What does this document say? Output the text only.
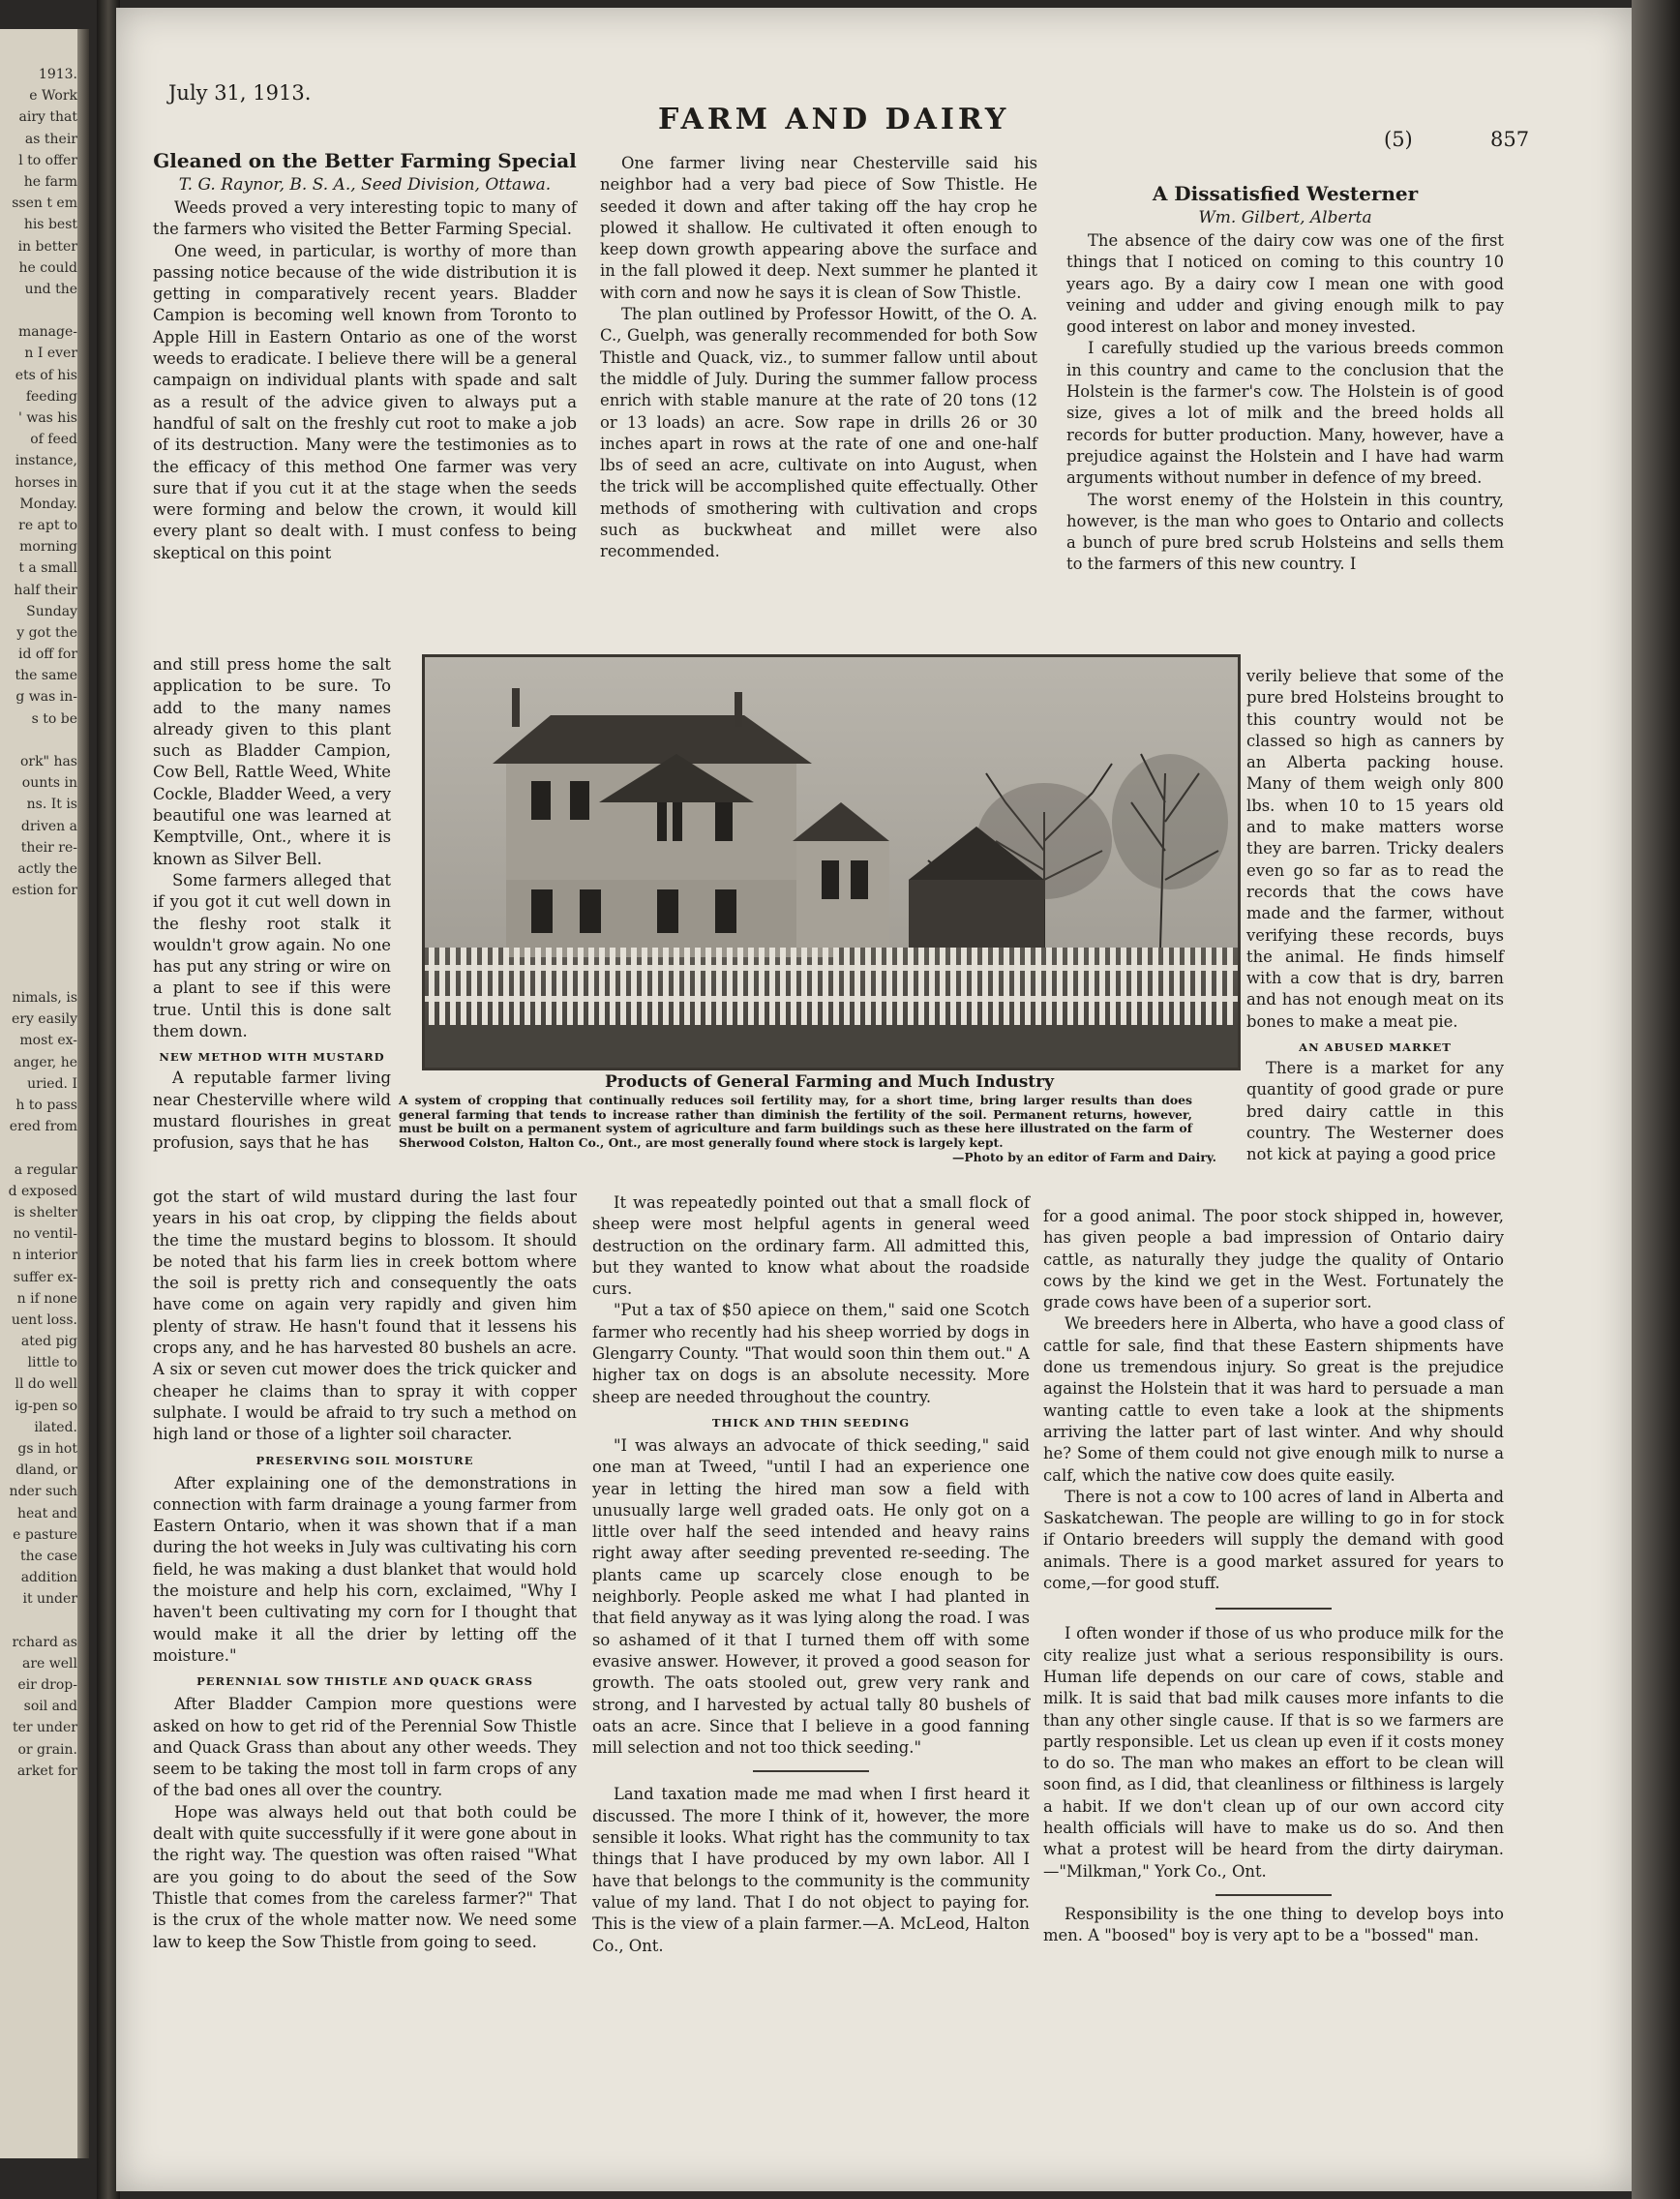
1913.
e Work
airy that
as their
l to offer
he farm
ssen t em
his best
in better
he could
und the
manage-
n I ever
ets of his
feeding
' was his
of feed
instance,
horses in
Monday.
re apt to
morning
t a small
half their
Sunday
y got the
id off for
the same
g was in-
s to be
ork" has
ounts in
ns. It is
driven a
their re-
actly the
estion for
nimals, is
ery easily
most ex-
anger, he
uried. I
h to pass
ered from
a regular
d exposed
is shelter
no ventil-
n interior
suffer ex-
n if none
uent loss.
ated pig
little to
ll do well
ig-pen so
ilated.
gs in hot
dland, or
nder such
heat and
e pasture
the case
addition
it under
rchard as
are well
eir drop-
soil and
ter under
or grain.
arket for
July 31, 1913.
FARM AND DAIRY
(5)	857
Gleaned on the Better Farming Special
T. G. Raynor, B. S. A., Seed Division, Ottawa.

Weeds proved a very interesting topic to many of the farmers who visited the Better Farming Special.

One weed, in particular, is worthy of more than passing notice because of the wide distribution it is getting in comparatively recent years. Bladder Campion is becoming well known from Toronto to Apple Hill in Eastern Ontario as one of the worst weeds to eradicate. I believe there will be a general campaign on individual plants with spade and salt as a result of the advice given to always put a handful of salt on the freshly cut root to make a job of its destruction. Many were the testimonies as to the efficacy of this method One farmer was very sure that if you cut it at the stage when the seeds were forming and below the crown, it would kill every plant so dealt with. I must confess to being skeptical on this point

and still press home the salt application to be sure. To add to the many names already given to this plant such as Bladder Campion, Cow Bell, Rattle Weed, White Cockle, Bladder Weed, a very beautiful one was learned at Kemptville, Ont., where it is known as Silver Bell.

Some farmers alleged that if you got it cut well down in the fleshy root stalk it wouldn't grow again. No one has put any string or wire on a plant to see if this were true. Until this is done salt them down.

NEW METHOD WITH MUSTARD

A reputable farmer living near Chesterville where wild mustard flourishes in great profusion, says that he has

got the start of wild mustard during the last four years in his oat crop, by clipping the fields about the time the mustard begins to blossom. It should be noted that his farm lies in creek bottom where the soil is pretty rich and consequently the oats have come on again very rapidly and given him plenty of straw. He hasn't found that it lessens his crops any, and he has harvested 80 bushels an acre. A six or seven cut mower does the trick quicker and cheaper he claims than to spray it with copper sulphate. I would be afraid to try such a method on high land or those of a lighter soil character.

PRESERVING SOIL MOISTURE

After explaining one of the demonstrations in connection with farm drainage a young farmer from Eastern Ontario, when it was shown that if a man during the hot weeks in July was cultivating his corn field, he was making a dust blanket that would hold the moisture and help his corn, exclaimed, "Why I haven't been cultivating my corn for I thought that would make it all the drier by letting off the moisture."

PERENNIAL SOW THISTLE AND QUACK GRASS

After Bladder Campion more questions were asked on how to get rid of the Perennial Sow Thistle and Quack Grass than about any other weeds. They seem to be taking the most toll in farm crops of any of the bad ones all over the country.

Hope was always held out that both could be dealt with quite successfully if it were gone about in the right way. The question was often raised "What are you going to do about the seed of the Sow Thistle that comes from the careless farmer?" That is the crux of the whole matter now. We need some law to keep the Sow Thistle from going to seed.

One farmer living near Chesterville said his neighbor had a very bad piece of Sow Thistle. He seeded it down and after taking off the hay crop he plowed it shallow. He cultivated it often enough to keep down growth appearing above the surface and in the fall plowed it deep. Next summer he planted it with corn and now he says it is clean of Sow Thistle.

The plan outlined by Professor Howitt, of the O. A. C., Guelph, was generally recommended for both Sow Thistle and Quack, viz., to summer fallow until about the middle of July. During the summer fallow process enrich with stable manure at the rate of 20 tons (12 or 13 loads) an acre. Sow rape in drills 26 or 30 inches apart in rows at the rate of one and one-half lbs of seed an acre, cultivate on into August, when the trick will be accomplished quite effectually. Other methods of smothering with cultivation and crops such as buckwheat and millet were also recommended.

Products of General Farming and Much Industry
A system of cropping that continually reduces soil fertility may, for a short time, bring larger results than does general farming that tends to increase rather than diminish the fertility of the soil. Permanent returns, however, must be built on a permanent system of agriculture and farm buildings such as these here illustrated on the farm of Sherwood Colston, Halton Co., Ont., are most generally found where stock is largely kept.
—Photo by an editor of Farm and Dairy.

It was repeatedly pointed out that a small flock of sheep were most helpful agents in general weed destruction on the ordinary farm. All admitted this, but they wanted to know what about the roadside curs.

"Put a tax of $50 apiece on them," said one Scotch farmer who recently had his sheep worried by dogs in Glengarry County. "That would soon thin them out." A higher tax on dogs is an absolute necessity. More sheep are needed throughout the country.

THICK AND THIN SEEDING

"I was always an advocate of thick seeding," said one man at Tweed, "until I had an experience one year in letting the hired man sow a field with unusually large well graded oats. He only got on a little over half the seed intended and heavy rains right away after seeding prevented re-seeding. The plants came up scarcely close enough to be neighborly. People asked me what I had planted in that field anyway as it was lying along the road. I was so ashamed of it that I turned them off with some evasive answer. However, it proved a good season for growth. The oats stooled out, grew very rank and strong, and I harvested by actual tally 80 bushels of oats an acre. Since that I believe in a good fanning mill selection and not too thick seeding."

Land taxation made me mad when I first heard it discussed. The more I think of it, however, the more sensible it looks. What right has the community to tax things that I have produced by my own labor. All I have that belongs to the community is the community value of my land. That I do not object to paying for. This is the view of a plain farmer.—A. McLeod, Halton Co., Ont.

A Dissatisfied Westerner
Wm. Gilbert, Alberta

The absence of the dairy cow was one of the first things that I noticed on coming to this country 10 years ago. By a dairy cow I mean one with good veining and udder and giving enough milk to pay good interest on labor and money invested.

I carefully studied up the various breeds common in this country and came to the conclusion that the Holstein is the farmer's cow. The Holstein is of good size, gives a lot of milk and the breed holds all records for butter production. Many, however, have a prejudice against the Holstein and I have had warm arguments without number in defence of my breed.

The worst enemy of the Holstein in this country, however, is the man who goes to Ontario and collects a bunch of pure bred scrub Holsteins and sells them to the farmers of this new country. I

verily believe that some of the pure bred Holsteins brought to this country would not be classed so high as canners by an Alberta packing house. Many of them weigh only 800 lbs. when 10 to 15 years old and to make matters worse they are barren. Tricky dealers even go so far as to read the records that the cows have made and the farmer, without verifying these records, buys the animal. He finds himself with a cow that is dry, barren and has not enough meat on its bones to make a meat pie.

AN ABUSED MARKET

There is a market for any quantity of good grade or pure bred dairy cattle in this country. The Westerner does not kick at paying a good price

for a good animal. The poor stock shipped in, however, has given people a bad impression of Ontario dairy cattle, as naturally they judge the quality of Ontario cows by the kind we get in the West. Fortunately the grade cows have been of a superior sort.

We breeders here in Alberta, who have a good class of cattle for sale, find that these Eastern shipments have done us tremendous injury. So great is the prejudice against the Holstein that it was hard to persuade a man wanting cattle to even take a look at the shipments arriving the latter part of last winter. And why should he? Some of them could not give enough milk to nurse a calf, which the native cow does quite easily.

There is not a cow to 100 acres of land in Alberta and Saskatchewan. The people are willing to go in for stock if Ontario breeders will supply the demand with good animals. There is a good market assured for years to come,—for good stuff.

I often wonder if those of us who produce milk for the city realize just what a serious responsibility is ours. Human life depends on our care of cows, stable and milk. It is said that bad milk causes more infants to die than any other single cause. If that is so we farmers are partly responsible. Let us clean up even if it costs money to do so. The man who makes an effort to be clean will soon find, as I did, that cleanliness or filthiness is largely a habit. If we don't clean up of our own accord city health officials will have to make us do so. And then what a protest will be heard from the dirty dairyman.—"Milkman," York Co., Ont.

Responsibility is the one thing to develop boys into men. A "boosed" boy is very apt to be a "bossed" man.
